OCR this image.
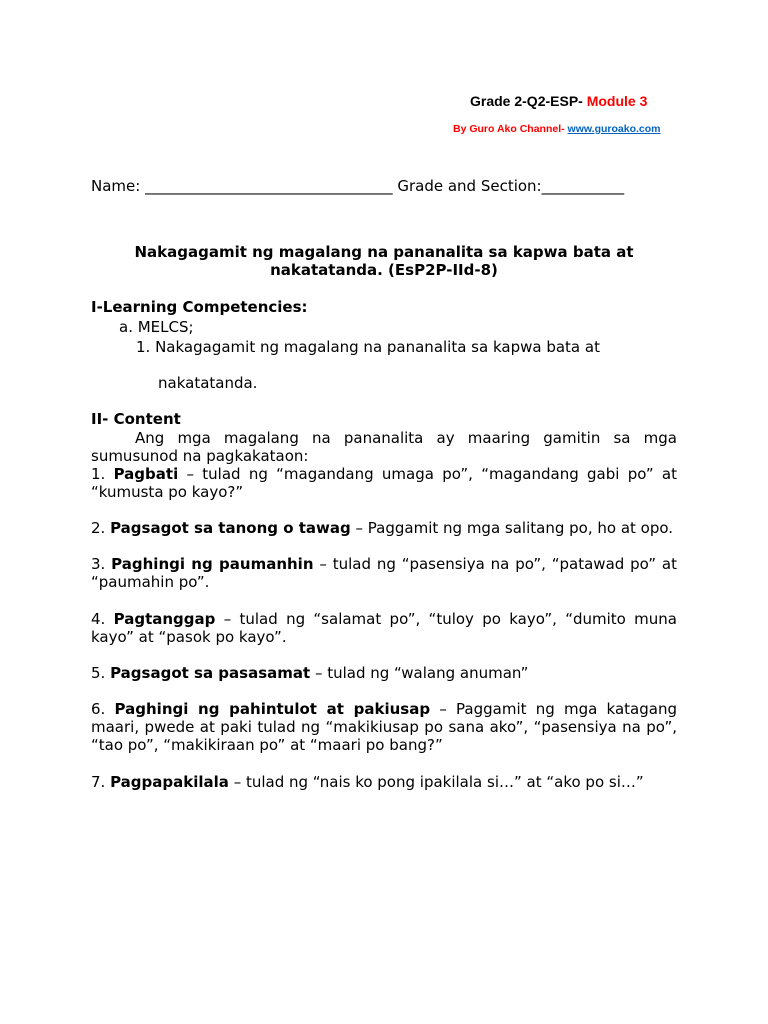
Grade 2-Q2-ESP- Module 3
By Guro Ako Channel- www.guroako.com
Name: _________________________________ Grade and Section:___________
Nakagagamit ng magalang na pananalita sa kapwa bata at nakatatanda. (EsP2P-IId-8)
I-Learning Competencies:
a. MELCS;
1. Nakagagamit ng magalang na pananalita sa kapwa bata at
nakatatanda.
II- Content
Ang mga magalang na pananalita ay maaring gamitin sa mga sumusunod na pagkakataon:
1. Pagbati – tulad ng “magandang umaga po”, “magandang gabi po” at “kumusta po kayo?”
2. Pagsagot sa tanong o tawag – Paggamit ng mga salitang po, ho at opo.
3. Paghingi ng paumanhin – tulad ng “pasensiya na po”, “patawad po” at “paumahin po”.
4. Pagtanggap – tulad ng “salamat po”, “tuloy po kayo”, “dumito muna kayo” at “pasok po kayo”.
5. Pagsagot sa pasasamat – tulad ng “walang anuman”
6. Paghingi ng pahintulot at pakiusap – Paggamit ng mga katagang maari, pwede at paki tulad ng “makikiusap po sana ako”, “pasensiya na po”, “tao po”, “makikiraan po” at “maari po bang?”
7. Pagpapakilala – tulad ng “nais ko pong ipakilala si…” at “ako po si…”
